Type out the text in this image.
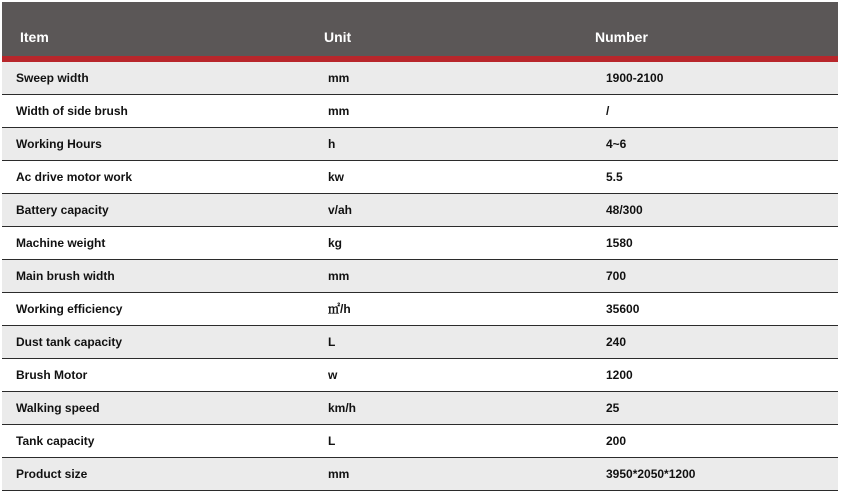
Item	Unit	Number
Sweep width	mm	1900-2100
Width of side brush	mm	/
Working Hours	h	4~6
Ac drive motor work	kw	5.5
Battery capacity	v/ah	48/300
Machine weight	kg	1580
Main brush width	mm	700
Working efficiency	㎡/h	35600
Dust tank capacity	L	240
Brush Motor	w	1200
Walking speed	km/h	25
Tank capacity	L	200
Product size	mm	3950*2050*1200
